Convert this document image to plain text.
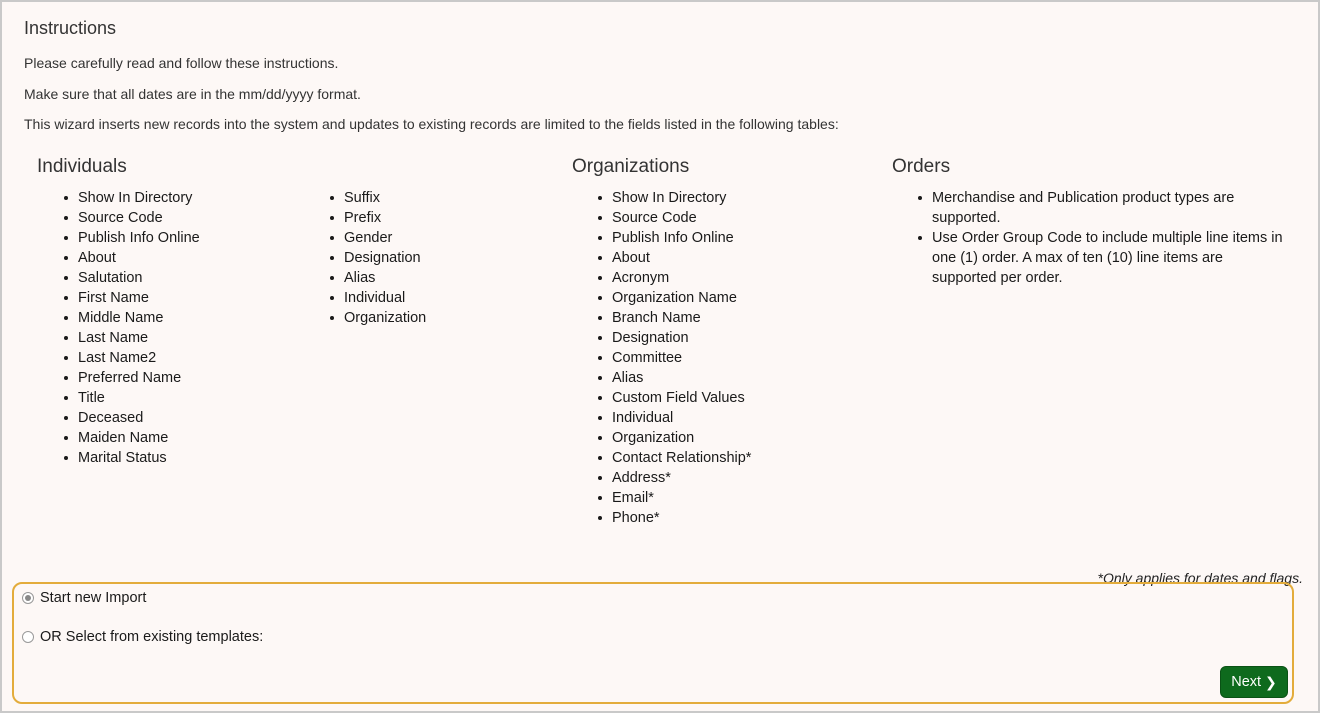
Instructions
Please carefully read and follow these instructions.
Make sure that all dates are in the mm/dd/yyyy format.
This wizard inserts new records into the system and updates to existing records are limited to the fields listed in the following tables:
Individuals
Show In Directory
Source Code
Publish Info Online
About
Salutation
First Name
Middle Name
Last Name
Last Name2
Preferred Name
Title
Deceased
Maiden Name
Marital Status
Suffix
Prefix
Gender
Designation
Alias
Individual
Organization
Organizations
Show In Directory
Source Code
Publish Info Online
About
Acronym
Organization Name
Branch Name
Designation
Committee
Alias
Custom Field Values
Individual
Organization
Contact Relationship*
Address*
Email*
Phone*
Orders
Merchandise and Publication product types are supported.
Use Order Group Code to include multiple line items in one (1) order. A max of ten (10) line items are supported per order.
*Only applies for dates and flags.
Start new Import
OR Select from existing templates:
Next ❯
